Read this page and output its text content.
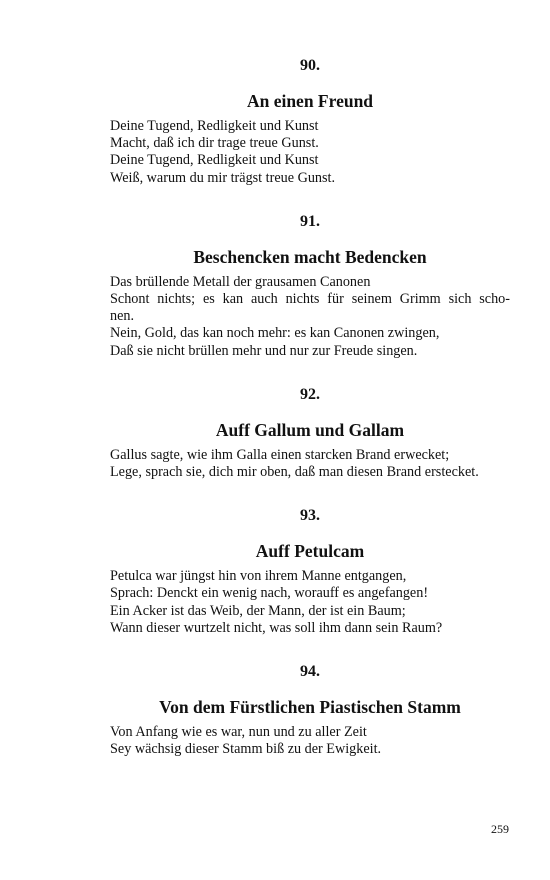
90.
An einen Freund
Deine Tugend, Redligkeit und Kunst
Macht, daß ich dir trage treue Gunst.
Deine Tugend, Redligkeit und Kunst
Weiß, warum du mir trägst treue Gunst.
91.
Beschencken macht Bedencken
Das brüllende Metall der grausamen Canonen
Schont nichts; es kan auch nichts für seinem Grimm sich scho-
nen.
Nein, Gold, das kan noch mehr: es kan Canonen zwingen,
Daß sie nicht brüllen mehr und nur zur Freude singen.
92.
Auff Gallum und Gallam
Gallus sagte, wie ihm Galla einen starcken Brand erwecket;
Lege, sprach sie, dich mir oben, daß man diesen Brand erstecket.
93.
Auff Petulcam
Petulca war jüngst hin von ihrem Manne entgangen,
Sprach: Denckt ein wenig nach, worauff es angefangen!
Ein Acker ist das Weib, der Mann, der ist ein Baum;
Wann dieser wurtzelt nicht, was soll ihm dann sein Raum?
94.
Von dem Fürstlichen Piastischen Stamm
Von Anfang wie es war, nun und zu aller Zeit
Sey wächsig dieser Stamm biß zu der Ewigkeit.
259
